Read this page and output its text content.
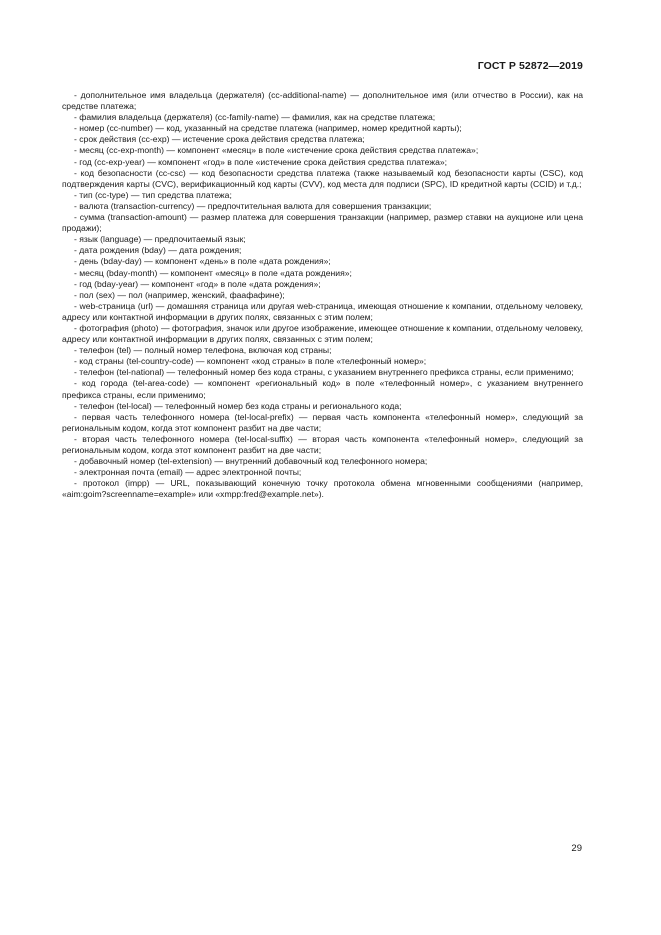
ГОСТ Р 52872—2019

- дополнительное имя владельца (держателя) (cc-additional-name) — дополнительное имя (или отчество в России), как на средстве платежа;

- фамилия владельца (держателя) (cc-family-name) — фамилия, как на средстве платежа;

- номер (cc-number) — код, указанный на средстве платежа (например, номер кредитной карты);

- срок действия (cc-exp) — истечение срока действия средства платежа;

- месяц (cc-exp-month) — компонент «месяц» в поле «истечение срока действия средства платежа»;

- год (cc-exp-year) — компонент «год» в поле «истечение срока действия средства платежа»;

- код безопасности (cc-csc) — код безопасности средства платежа (также называемый код безопасности карты (CSC), код подтверждения карты (CVC), верификационный код карты (CVV), код места для подписи (SPC), ID кредитной карты (CCID) и т.д.;

- тип (cc-type) — тип средства платежа;

- валюта (transaction-currency) — предпочтительная валюта для совершения транзакции;

- сумма (transaction-amount) — размер платежа для совершения транзакции (например, размер ставки на аукционе или цена продажи);

- язык (language) — предпочитаемый язык;

- дата рождения (bday) — дата рождения;

- день (bday-day) — компонент «день» в поле «дата рождения»;

- месяц (bday-month) — компонент «месяц» в поле «дата рождения»;

- год (bday-year) — компонент «год» в поле «дата рождения»;

- пол (sex) — пол (например, женский, фаафафине);

- web-страница (url) — домашняя страница или другая web-страница, имеющая отношение к компании, отдельному человеку, адресу или контактной информации в других полях, связанных с этим полем;

- фотография (photo) — фотография, значок или другое изображение, имеющее отношение к компании, отдельному человеку, адресу или контактной информации в других полях, связанных с этим полем;

- телефон (tel) — полный номер телефона, включая код страны;

- код страны (tel-country-code) — компонент «код страны» в поле «телефонный номер»;

- телефон (tel-national) — телефонный номер без кода страны, с указанием внутреннего префикса страны, если применимо;

- код города (tel-area-code) — компонент «региональный код» в поле «телефонный номер», с указанием внутреннего префикса страны, если применимо;

- телефон (tel-local) — телефонный номер без кода страны и регионального кода;

- первая часть телефонного номера (tel-local-prefix) — первая часть компонента «телефонный номер», следующий за региональным кодом, когда этот компонент разбит на две части;

- вторая часть телефонного номера (tel-local-suffix) — вторая часть компонента «телефонный номер», следующий за региональным кодом, когда этот компонент разбит на две части;

- добавочный номер (tel-extension) — внутренний добавочный код телефонного номера;

- электронная почта (email) — адрес электронной почты;

- протокол (impp) — URL, показывающий конечную точку протокола обмена мгновенными сообщениями (например, «aim:goim?screenname=example» или «xmpp:fred@example.net»).

29
